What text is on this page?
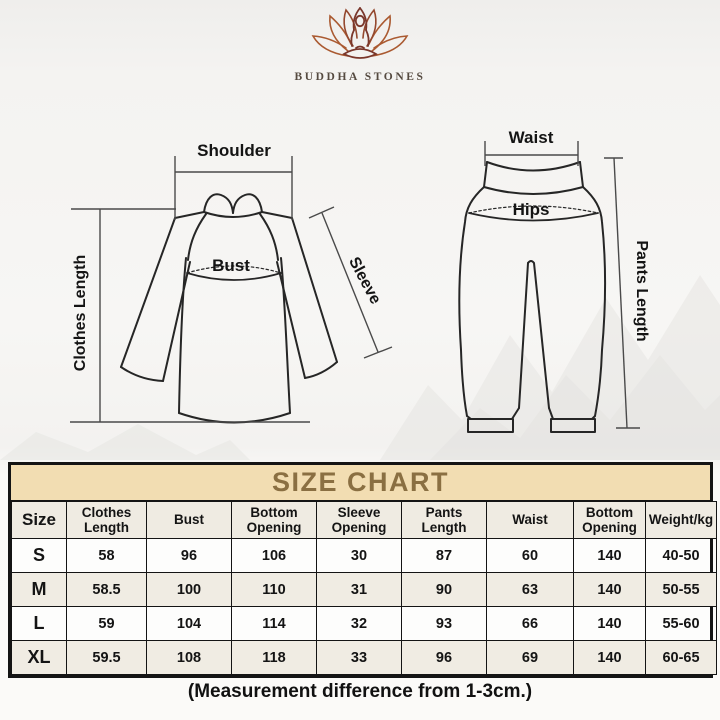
BUDDHA STONES
Shoulder
Clothes Length	Bust	Sleeve
Waist
Hips
Pants Length
SIZE CHART
Size	Clothes Length	Bust	Bottom Opening	Sleeve Opening	Pants Length	Waist	Bottom Opening	Weight/kg
S	58	96	106	30	87	60	140	40-50
M	58.5	100	110	31	90	63	140	50-55
L	59	104	114	32	93	66	140	55-60
XL	59.5	108	118	33	96	69	140	60-65
(Measurement difference from 1-3cm.)
